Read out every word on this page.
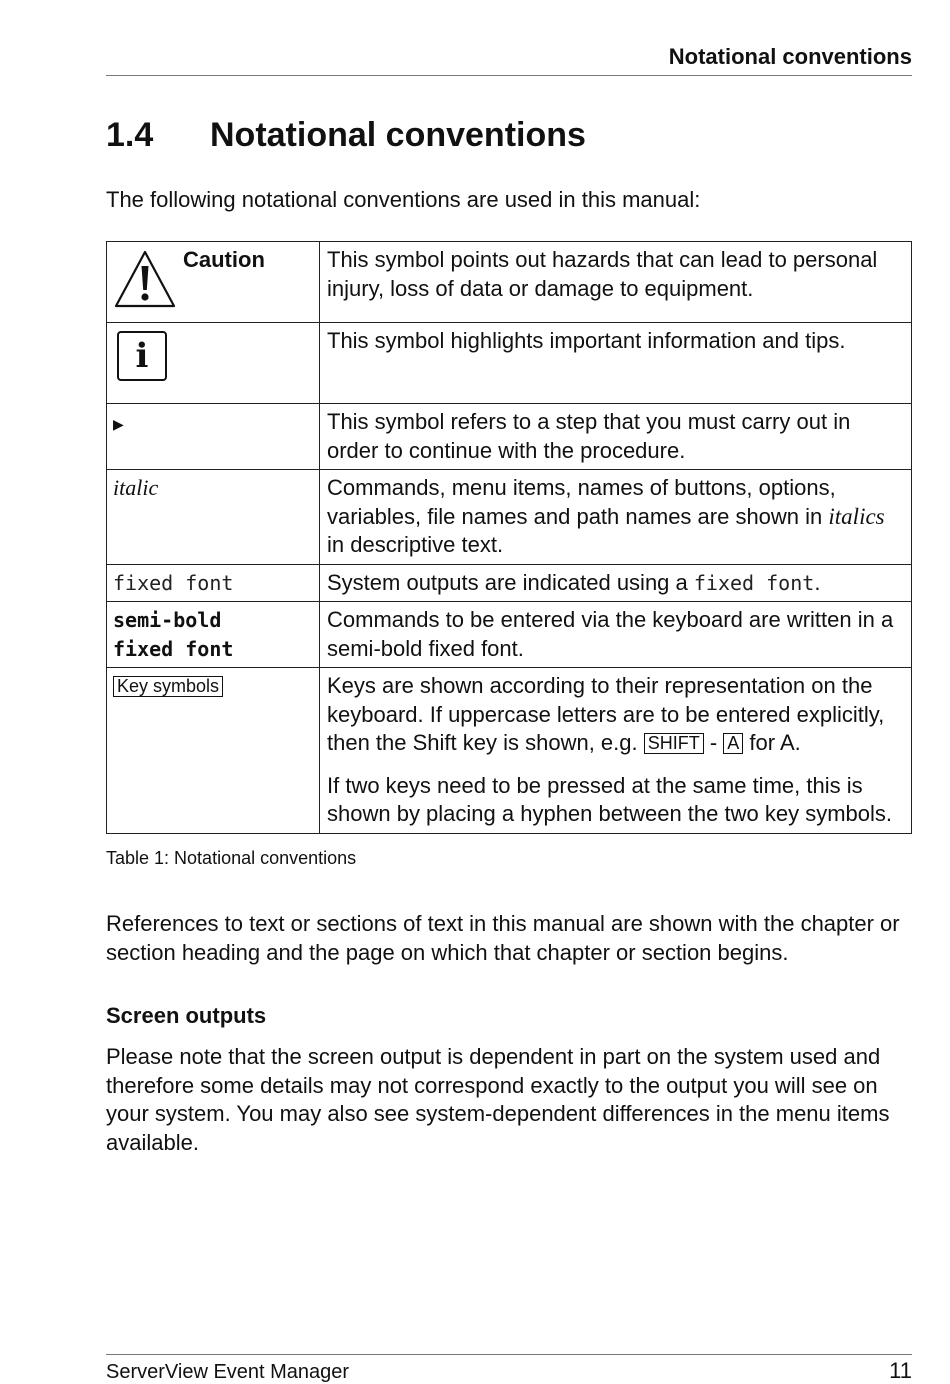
Notational conventions
1.4 Notational conventions
The following notational conventions are used in this manual:
Caution	This symbol points out hazards that can lead to personal injury, loss of data or damage to equipment.

i	This symbol highlights important information and tips.
▶	This symbol refers to a step that you must carry out in order to continue with the procedure.
italic	Commands, menu items, names of buttons, options, variables, file names and path names are shown in italics in descriptive text.
fixed font	System outputs are indicated using a fixed font.

semi-bold
fixed font	Commands to be entered via the keyboard are written in a semi-bold fixed font.
Key symbols	Keys are shown according to their representation on the keyboard. If uppercase letters are to be entered explicitly, then the Shift key is shown, e.g. SHIFT - A for A.
If two keys need to be pressed at the same time, this is shown by placing a hyphen between the two key symbols.
Table 1: Notational conventions
References to text or sections of text in this manual are shown with the chapter or section heading and the page on which that chapter or section begins.
Screen outputs
Please note that the screen output is dependent in part on the system used and therefore some details may not correspond exactly to the output you will see on your system. You may also see system-dependent differences in the menu items available.
ServerView Event Manager	11
